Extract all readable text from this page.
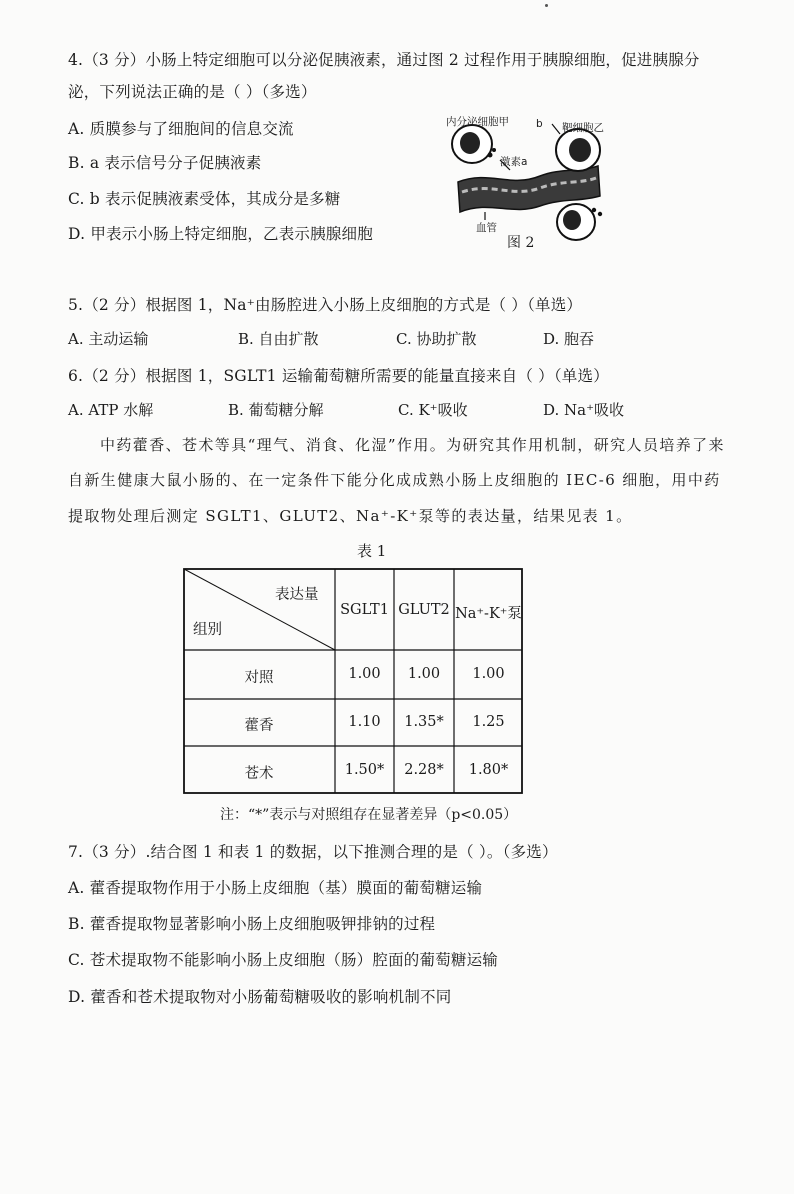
4.（3 分）小肠上特定细胞可以分泌促胰液素，通过图 2 过程作用于胰腺细胞，促进胰腺分
泌，下列说法正确的是（ ）（多选）
A. 质膜参与了细胞间的信息交流
B. a 表示信号分子促胰液素
C. b 表示促胰液素受体，其成分是多糖
D. 甲表示小肠上特定细胞，乙表示胰腺细胞
内分泌细胞甲	b 靶细胞乙
激素a
血管
图 2
5.（2 分）根据图 1，Na⁺由肠腔进入小肠上皮细胞的方式是（ ）（单选）
A. 主动运输	B. 自由扩散	C. 协助扩散	D. 胞吞
6.（2 分）根据图 1，SGLT1 运输葡萄糖所需要的能量直接来自（ ）（单选）
A. ATP 水解	B. 葡萄糖分解	C. K⁺吸收	D. Na⁺吸收
中药藿香、苍术等具“理气、消食、化湿”作用。为研究其作用机制，研究人员培养了来
自新生健康大鼠小肠的、在一定条件下能分化成成熟小肠上皮细胞的 IEC-6 细胞，用中药
提取物处理后测定 SGLT1、GLUT2、Na⁺-K⁺泵等的表达量，结果见表 1。
表 1
表达量
组别
SGLT1 GLUT2 Na⁺-K⁺泵
对照	1.00	1.00	1.00
藿香	1.10	1.35*	1.25
苍术	1.50*	2.28*	1.80*
注：“*”表示与对照组存在显著差异（p<0.05）
7.（3 分）.结合图 1 和表 1 的数据，以下推测合理的是（ ）。（多选）
A. 藿香提取物作用于小肠上皮细胞（基）膜面的葡萄糖运输
B. 藿香提取物显著影响小肠上皮细胞吸钾排钠的过程
C. 苍术提取物不能影响小肠上皮细胞（肠）腔面的葡萄糖运输
D. 藿香和苍术提取物对小肠葡萄糖吸收的影响机制不同
